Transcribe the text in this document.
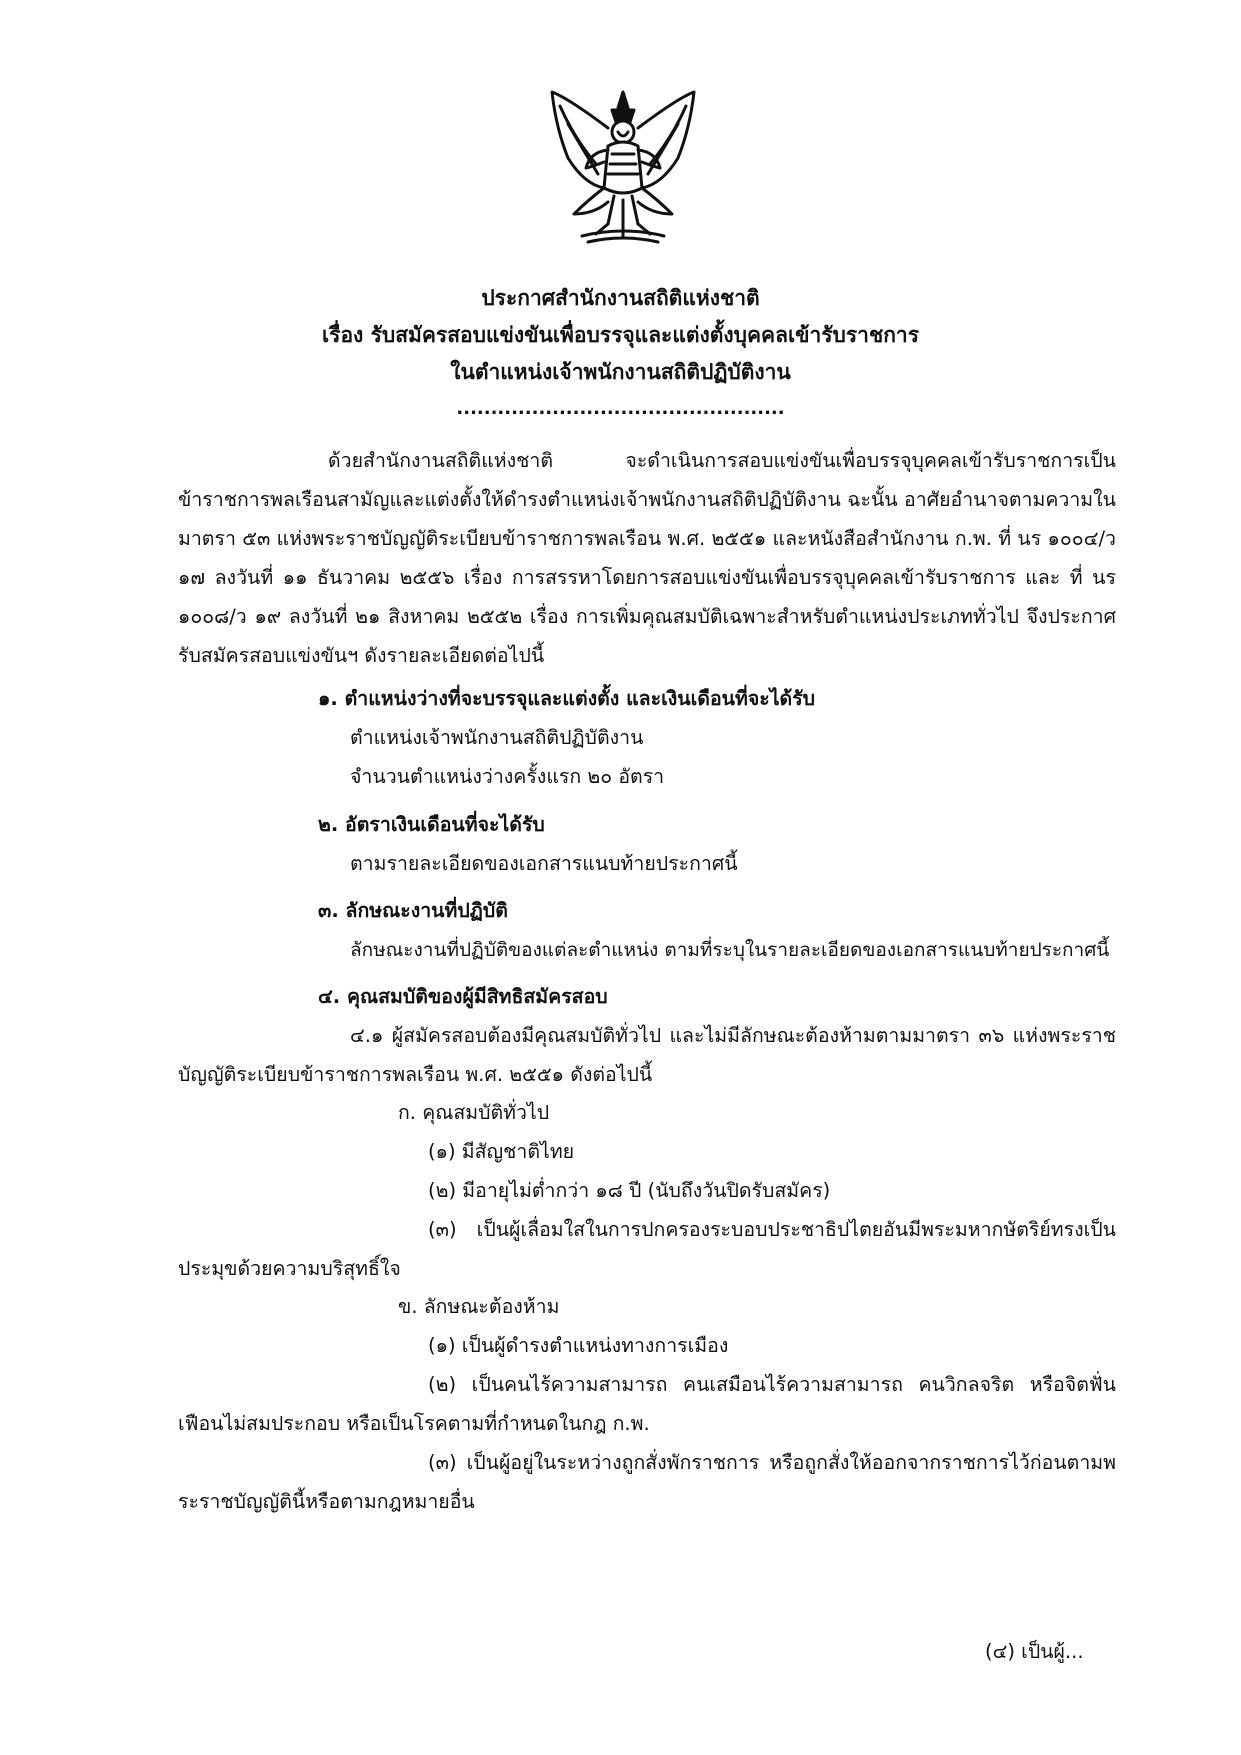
ประกาศสำนักงานสถิติแห่งชาติ
เรื่อง รับสมัครสอบแข่งขันเพื่อบรรจุและแต่งตั้งบุคคลเข้ารับราชการ
ในตำแหน่งเจ้าพนักงานสถิติปฏิบัติงาน
................................................
ด้วยสำนักงานสถิติแห่งชาติ จะดำเนินการสอบแข่งขันเพื่อบรรจุบุคคลเข้ารับราชการเป็นข้าราชการพลเรือนสามัญและแต่งตั้งให้ดำรงตำแหน่งเจ้าพนักงานสถิติปฏิบัติงาน ฉะนั้น อาศัยอำนาจตามความในมาตรา ๕๓ แห่งพระราชบัญญัติระเบียบข้าราชการพลเรือน พ.ศ. ๒๕๕๑ และหนังสือสำนักงาน ก.พ. ที่ นร ๑๐๐๔/ว ๑๗ ลงวันที่ ๑๑ ธันวาคม ๒๕๕๖ เรื่อง การสรรหาโดยการสอบแข่งขันเพื่อบรรจุบุคคลเข้ารับราชการ และ ที่ นร ๑๐๐๘/ว ๑๙ ลงวันที่ ๒๑ สิงหาคม ๒๕๕๒ เรื่อง การเพิ่มคุณสมบัติเฉพาะสำหรับตำแหน่งประเภททั่วไป จึงประกาศรับสมัครสอบแข่งขันฯ ดังรายละเอียดต่อไปนี้
๑. ตำแหน่งว่างที่จะบรรจุและแต่งตั้ง และเงินเดือนที่จะได้รับ
ตำแหน่งเจ้าพนักงานสถิติปฏิบัติงาน
จำนวนตำแหน่งว่างครั้งแรก ๒๐ อัตรา
๒. อัตราเงินเดือนที่จะได้รับ
ตามรายละเอียดของเอกสารแนบท้ายประกาศนี้
๓. ลักษณะงานที่ปฏิบัติ
ลักษณะงานที่ปฏิบัติของแต่ละตำแหน่ง ตามที่ระบุในรายละเอียดของเอกสารแนบท้ายประกาศนี้
๔. คุณสมบัติของผู้มีสิทธิสมัครสอบ
๔.๑ ผู้สมัครสอบต้องมีคุณสมบัติทั่วไป และไม่มีลักษณะต้องห้ามตามมาตรา ๓๖ แห่งพระราชบัญญัติระเบียบข้าราชการพลเรือน พ.ศ. ๒๕๕๑ ดังต่อไปนี้
ก. คุณสมบัติทั่วไป
(๑) มีสัญชาติไทย
(๒) มีอายุไม่ต่ำกว่า ๑๘ ปี (นับถึงวันปิดรับสมัคร)
(๓) เป็นผู้เลื่อมใสในการปกครองระบอบประชาธิปไตยอันมีพระมหากษัตริย์ทรงเป็นประมุขด้วยความบริสุทธิ์ใจ
ข. ลักษณะต้องห้าม
(๑) เป็นผู้ดำรงตำแหน่งทางการเมือง
(๒) เป็นคนไร้ความสามารถ คนเสมือนไร้ความสามารถ คนวิกลจริต หรือจิตฟั่นเฟือนไม่สมประกอบ หรือเป็นโรคตามที่กำหนดในกฎ ก.พ.
(๓) เป็นผู้อยู่ในระหว่างถูกสั่งพักราชการ หรือถูกสั่งให้ออกจากราชการไว้ก่อนตามพระราชบัญญัตินี้หรือตามกฎหมายอื่น
(๔) เป็นผู้...
